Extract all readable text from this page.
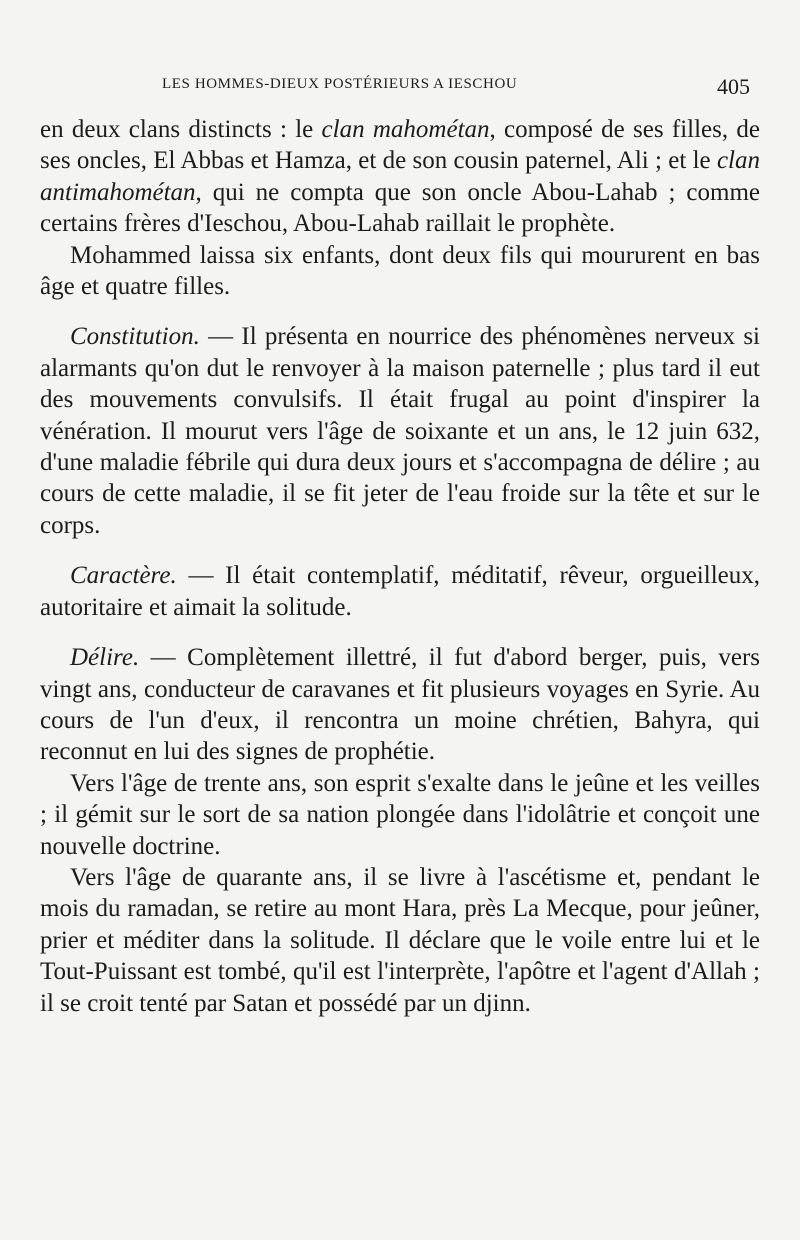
LES HOMMES-DIEUX POSTÉRIEURS A IESCHOU	405

en deux clans distincts : le clan mahométan, composé de ses filles, de ses oncles, El Abbas et Hamza, et de son cousin paternel, Ali ; et le clan antimahométan, qui ne compta que son oncle Abou-Lahab ; comme certains frères d'Ieschou, Abou-Lahab raillait le prophète.

Mohammed laissa six enfants, dont deux fils qui moururent en bas âge et quatre filles.

Constitution. — Il présenta en nourrice des phénomènes nerveux si alarmants qu'on dut le renvoyer à la maison paternelle ; plus tard il eut des mouvements convulsifs. Il était frugal au point d'inspirer la vénération. Il mourut vers l'âge de soixante et un ans, le 12 juin 632, d'une maladie fébrile qui dura deux jours et s'accompagna de délire ; au cours de cette maladie, il se fit jeter de l'eau froide sur la tête et sur le corps.

Caractère. — Il était contemplatif, méditatif, rêveur, orgueilleux, autoritaire et aimait la solitude.

Délire. — Complètement illettré, il fut d'abord berger, puis, vers vingt ans, conducteur de caravanes et fit plusieurs voyages en Syrie. Au cours de l'un d'eux, il rencontra un moine chrétien, Bahyra, qui reconnut en lui des signes de prophétie.

Vers l'âge de trente ans, son esprit s'exalte dans le jeûne et les veilles ; il gémit sur le sort de sa nation plongée dans l'idolâtrie et conçoit une nouvelle doctrine.

Vers l'âge de quarante ans, il se livre à l'ascétisme et, pendant le mois du ramadan, se retire au mont Hara, près La Mecque, pour jeûner, prier et méditer dans la solitude. Il déclare que le voile entre lui et le Tout-Puissant est tombé, qu'il est l'interprète, l'apôtre et l'agent d'Allah ; il se croit tenté par Satan et possédé par un djinn.
